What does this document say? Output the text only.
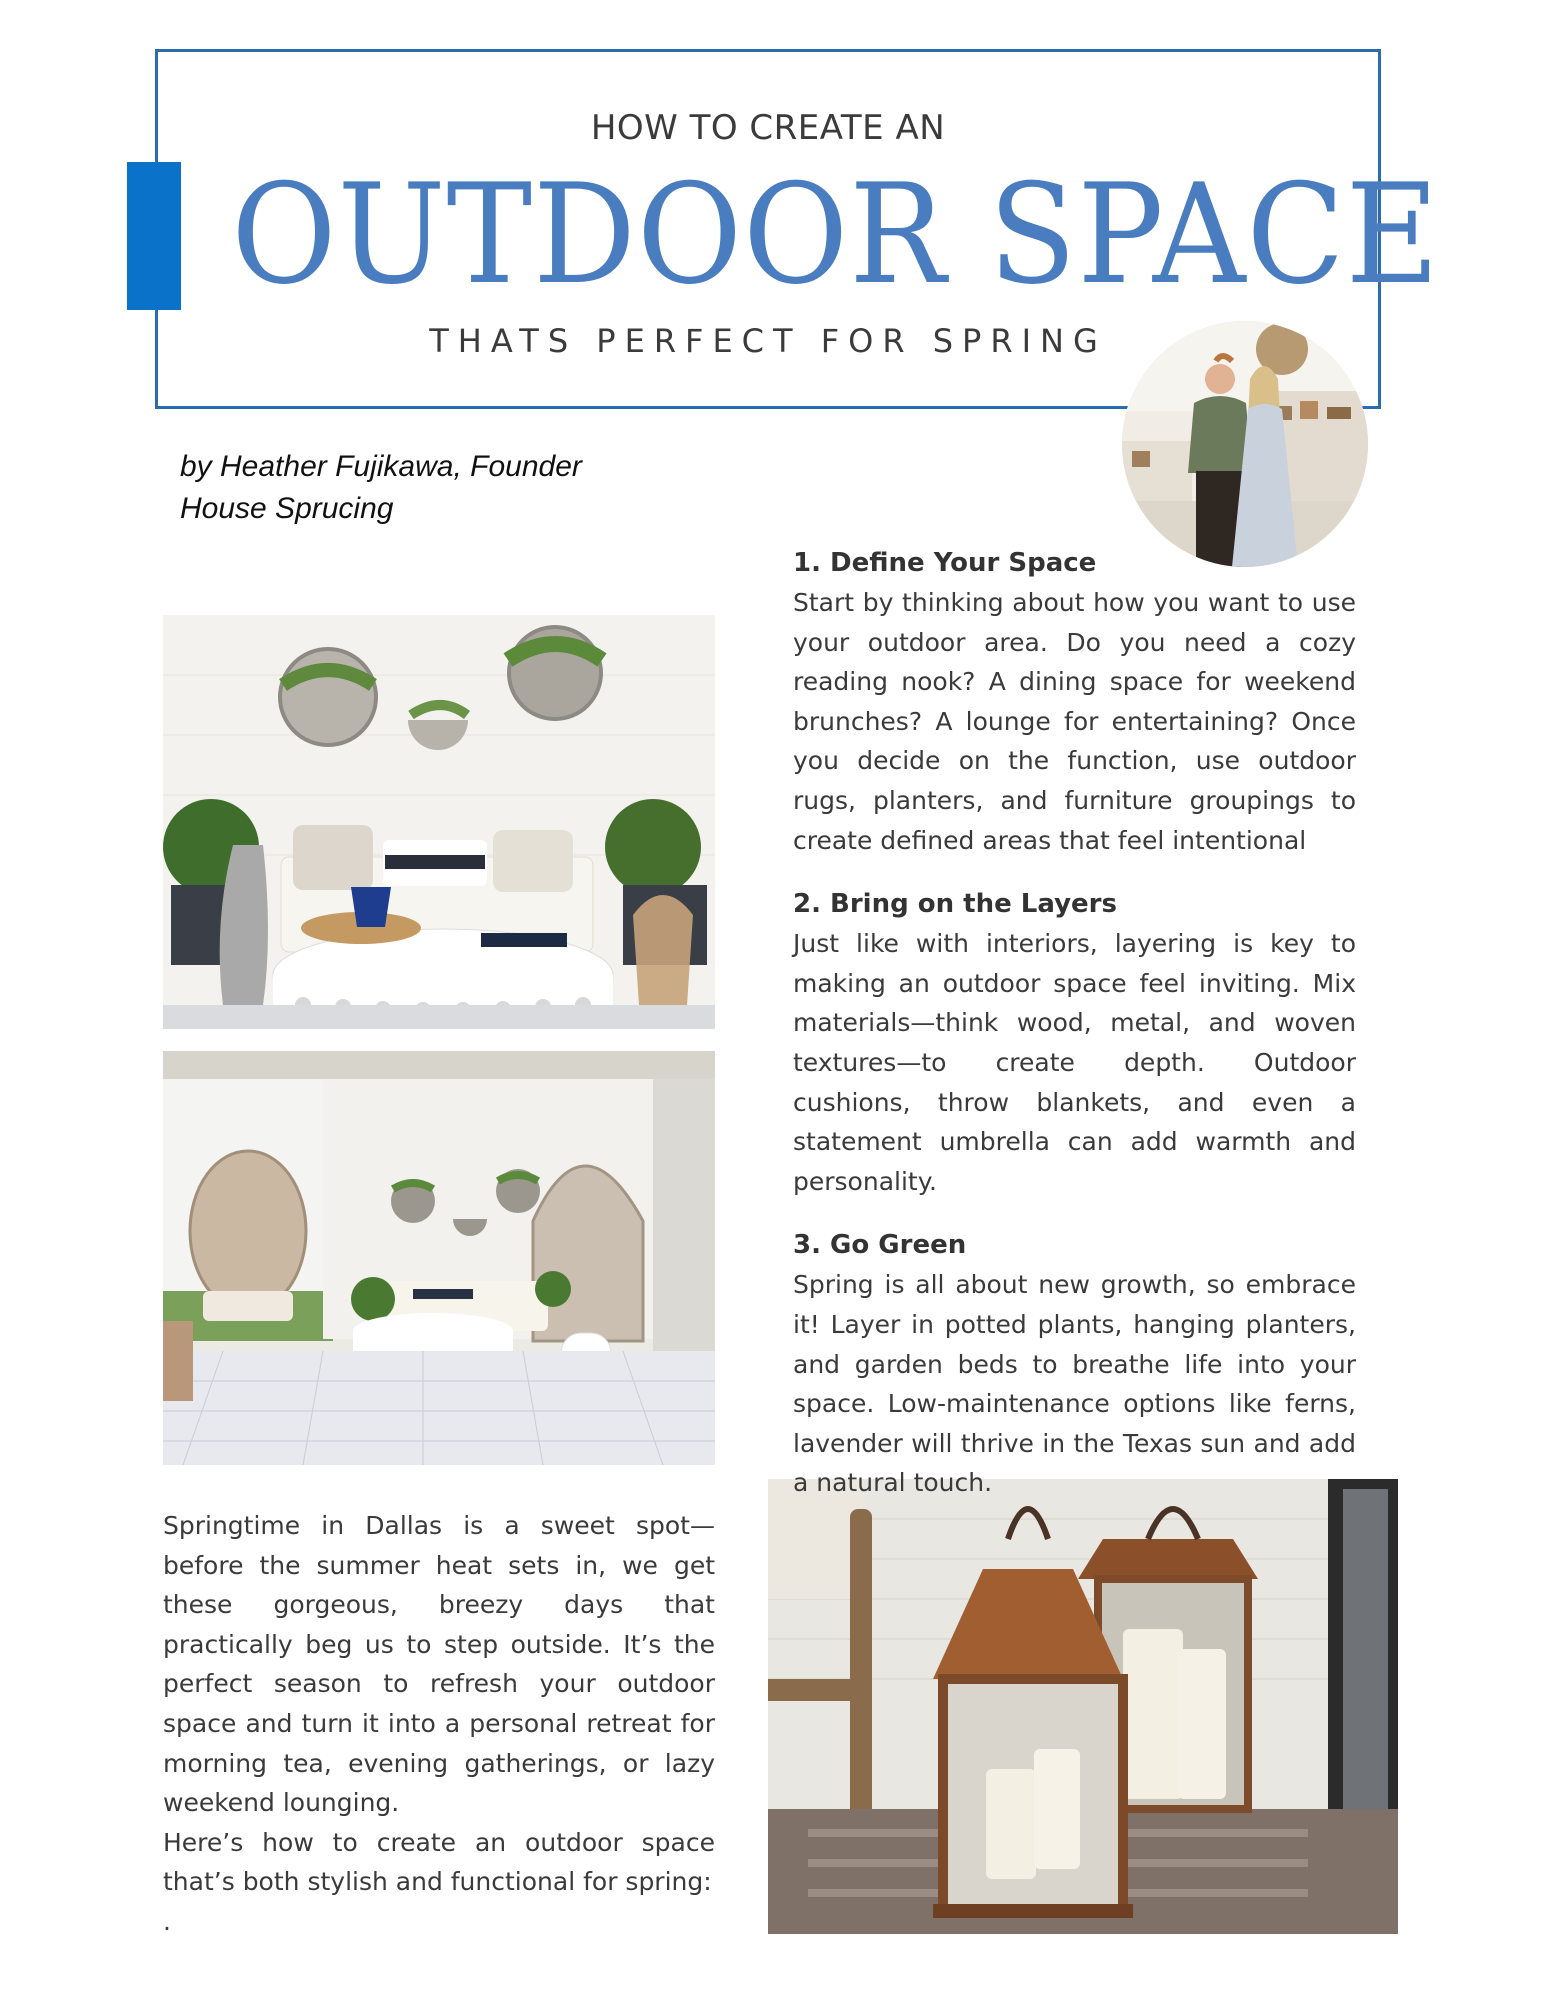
HOW TO CREATE AN
OUTDOOR SPACE
THATS PERFECT FOR SPRING
by Heather Fujikawa, Founder
House Sprucing
1. Define Your Space
Start by thinking about how you want to use your outdoor area. Do you need a cozy reading nook? A dining space for weekend brunches? A lounge for entertaining? Once you decide on the function, use outdoor rugs, planters, and furniture groupings to create defined areas that feel intentional
2. Bring on the Layers
Just like with interiors, layering is key to making an outdoor space feel inviting. Mix materials—think wood, metal, and woven textures—to create depth. Outdoor cushions, throw blankets, and even a statement umbrella can add warmth and personality.
3. Go Green
Spring is all about new growth, so embrace it! Layer in potted plants, hanging planters, and garden beds to breathe life into your space. Low-maintenance options like ferns, lavender will thrive in the Texas sun and add a natural touch.

Springtime in Dallas is a sweet spot—before the summer heat sets in, we get these gorgeous, breezy days that practically beg us to step outside. It’s the perfect season to refresh your outdoor space and turn it into a personal retreat for morning tea, evening gatherings, or lazy weekend lounging.

Here’s how to create an outdoor space that’s both stylish and functional for spring:

.
